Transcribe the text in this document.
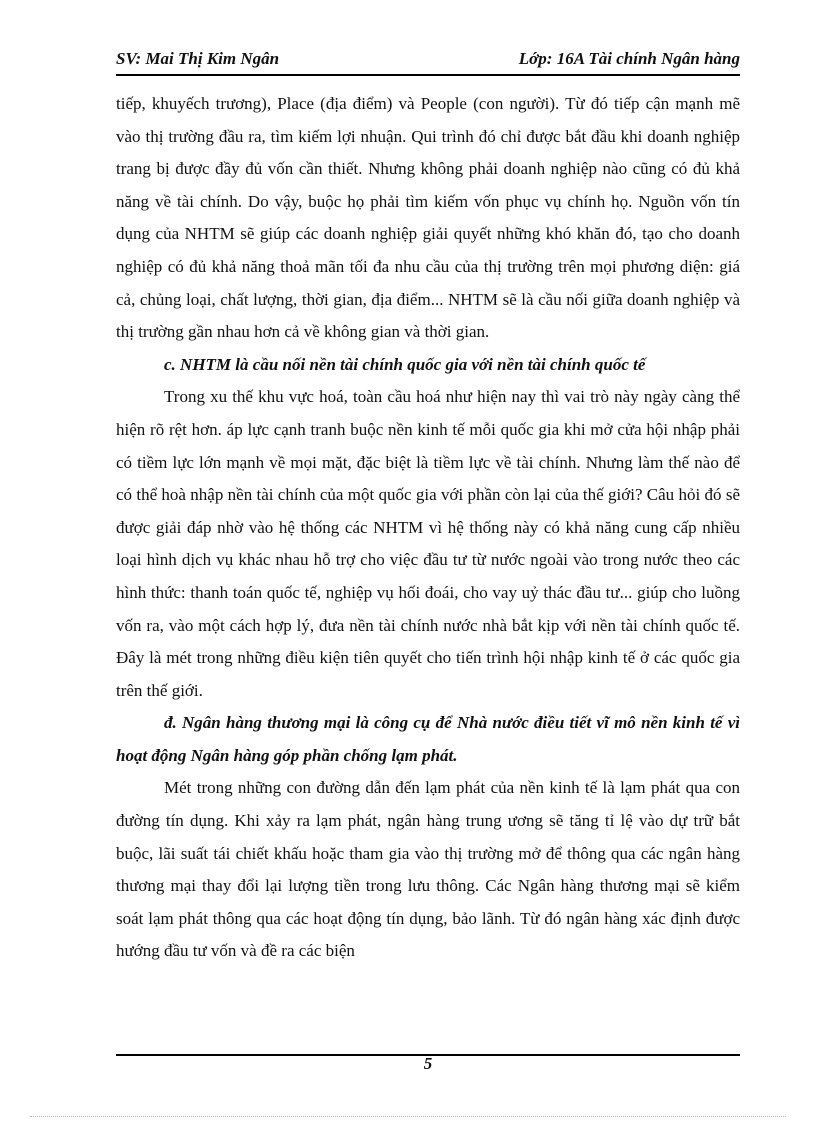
SV: Mai Thị Kim Ngân	Lớp: 16A Tài chính Ngân hàng

tiếp, khuyếch trương), Place (địa điểm) và People (con người). Từ đó tiếp cận mạnh mẽ vào thị trường đầu ra, tìm kiếm lợi nhuận. Qui trình đó chỉ được bắt đầu khi doanh nghiệp trang bị được đầy đủ vốn cần thiết. Nhưng không phải doanh nghiệp nào cũng có đủ khả năng về tài chính. Do vậy, buộc họ phải tìm kiếm vốn phục vụ chính họ. Nguồn vốn tín dụng của NHTM sẽ giúp các doanh nghiệp giải quyết những khó khăn đó, tạo cho doanh nghiệp có đủ khả năng thoả mãn tối đa nhu cầu của thị trường trên mọi phương diện: giá cả, chủng loại, chất lượng, thời gian, địa điểm... NHTM sẽ là cầu nối giữa doanh nghiệp và thị trường gần nhau hơn cả về không gian và thời gian.

c. NHTM là cầu nối nền tài chính quốc gia với nền tài chính quốc tế

Trong xu thế khu vực hoá, toàn cầu hoá như hiện nay thì vai trò này ngày càng thể hiện rõ rệt hơn. áp lực cạnh tranh buộc nền kinh tế mỗi quốc gia khi mở cửa hội nhập phải có tiềm lực lớn mạnh về mọi mặt, đặc biệt là tiềm lực về tài chính. Nhưng làm thế nào để có thể hoà nhập nền tài chính của một quốc gia với phần còn lại của thế giới? Câu hỏi đó sẽ được giải đáp nhờ vào hệ thống các NHTM vì hệ thống này có khả năng cung cấp nhiều loại hình dịch vụ khác nhau hỗ trợ cho việc đầu tư từ nước ngoài vào trong nước theo các hình thức: thanh toán quốc tế, nghiệp vụ hối đoái, cho vay uỷ thác đầu tư... giúp cho luồng vốn ra, vào một cách hợp lý, đưa nền tài chính nước nhà bắt kịp với nền tài chính quốc tế. Đây là mét trong những điều kiện tiên quyết cho tiến trình hội nhập kinh tế ở các quốc gia trên thế giới.

đ. Ngân hàng thương mại là công cụ để Nhà nước điều tiết vĩ mô nền kinh tế vì hoạt động Ngân hàng góp phần chống lạm phát.

Mét trong những con đường dẫn đến lạm phát của nền kinh tế là lạm phát qua con đường tín dụng. Khi xảy ra lạm phát, ngân hàng trung ương sẽ tăng tỉ lệ vào dự trữ bắt buộc, lãi suất tái chiết khấu hoặc tham gia vào thị trường mở để thông qua các ngân hàng thương mại thay đổi lại lượng tiền trong lưu thông. Các Ngân hàng thương mại sẽ kiểm soát lạm phát thông qua các hoạt động tín dụng, bảo lãnh. Từ đó ngân hàng xác định được hướng đầu tư vốn và đề ra các biện

5
